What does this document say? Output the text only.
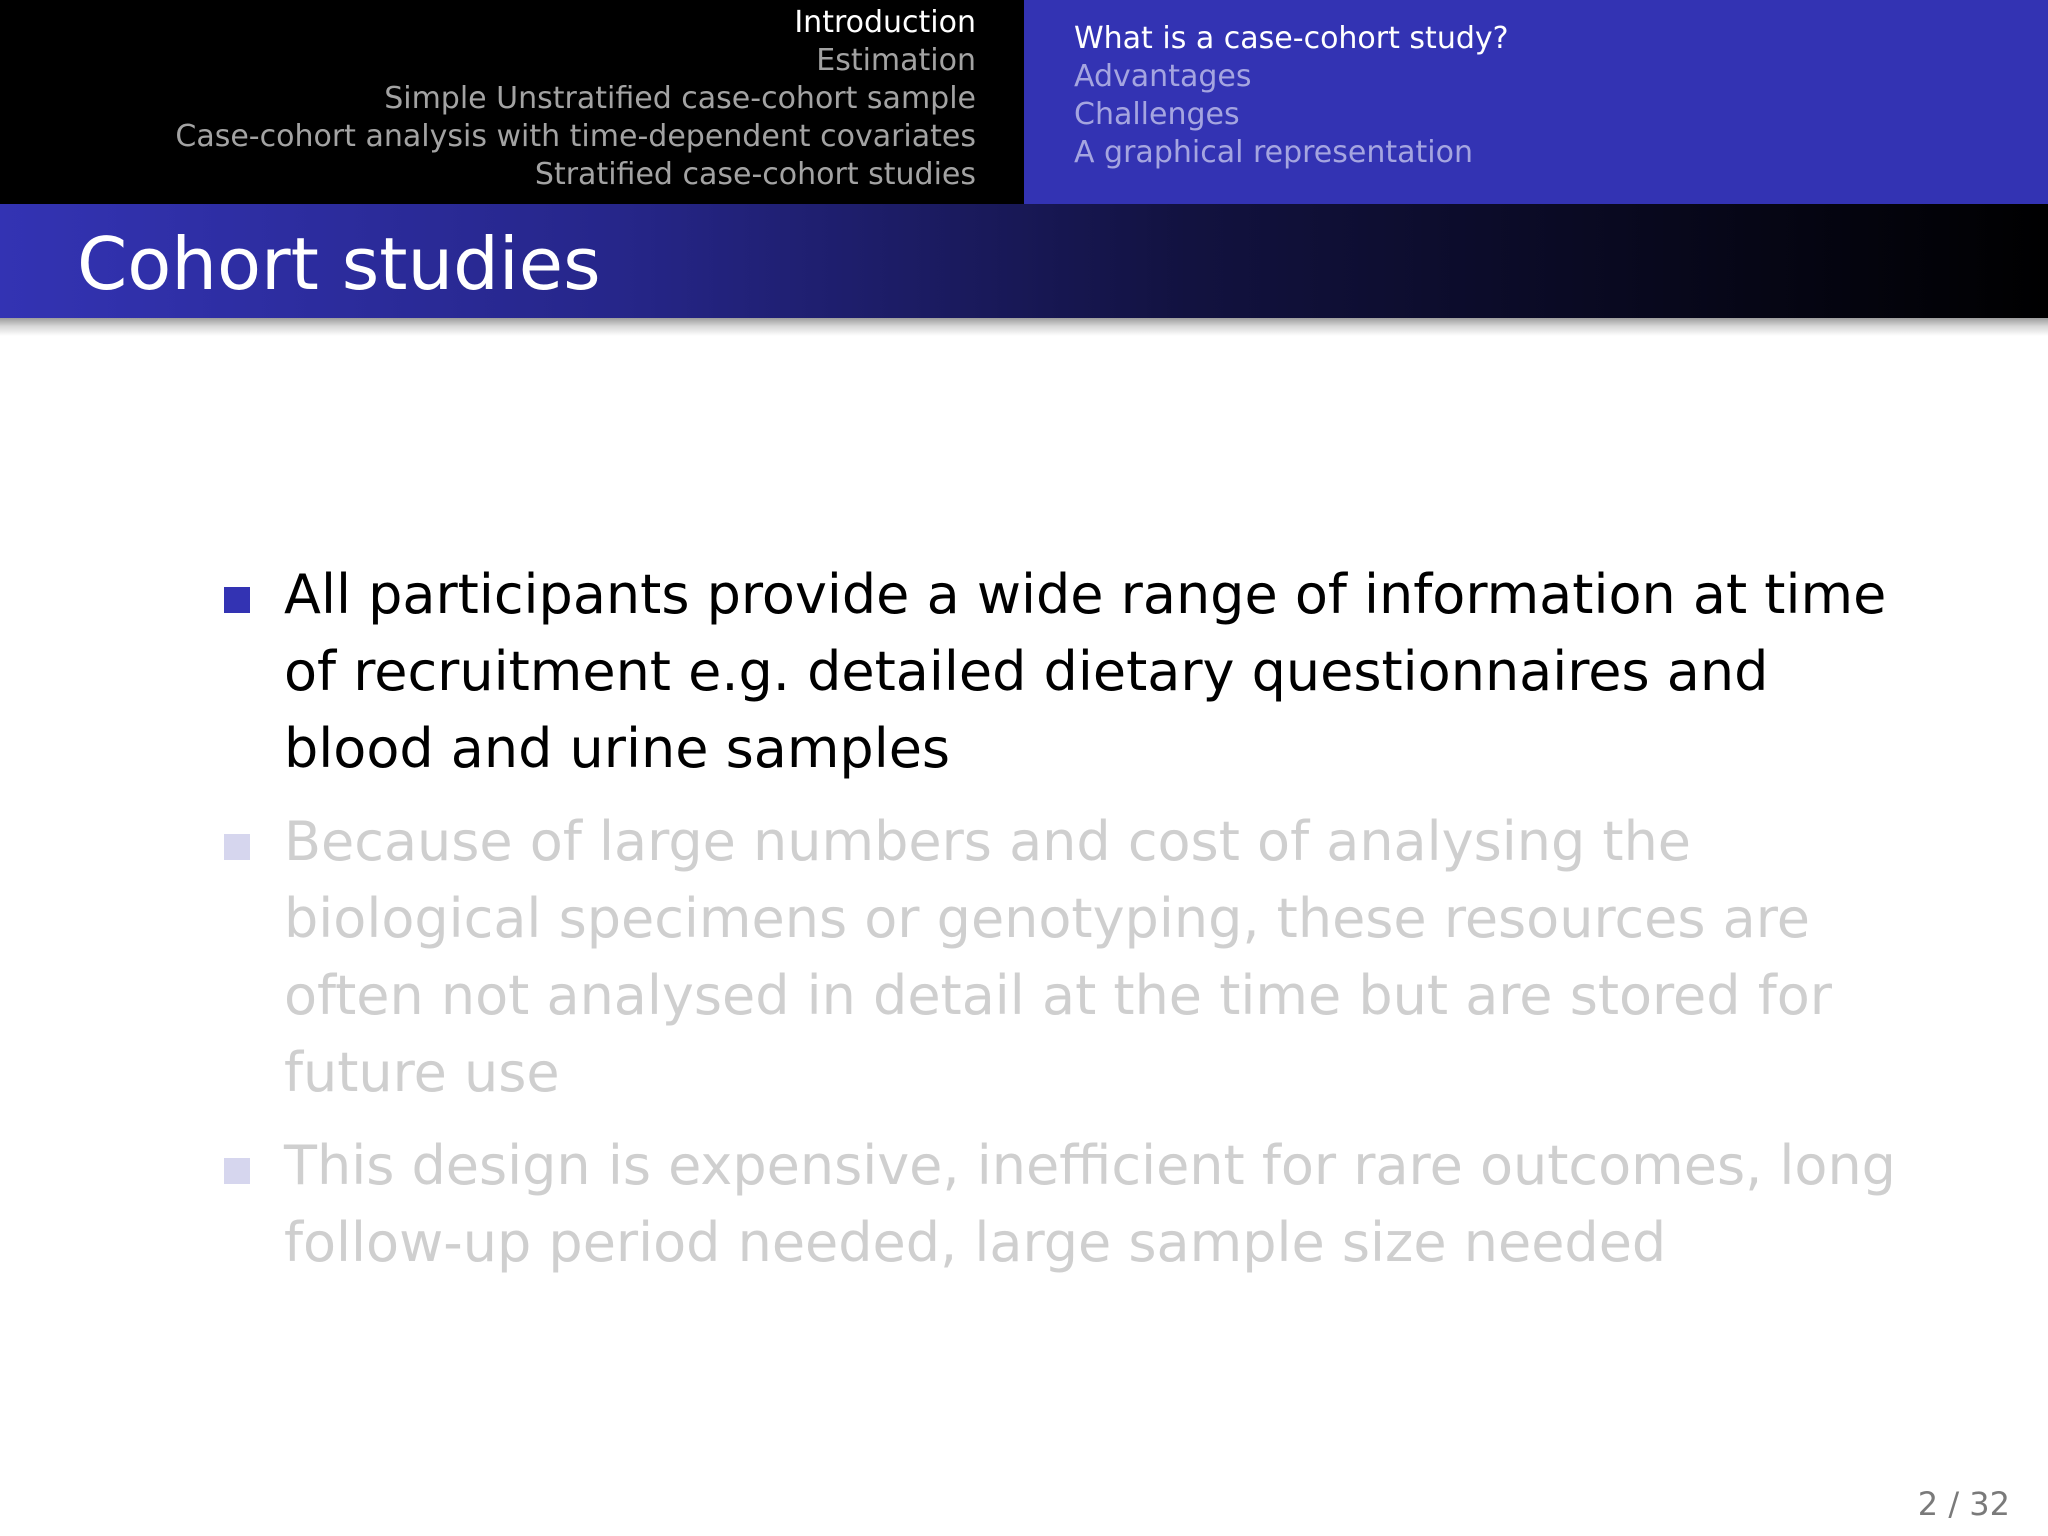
Introduction
Estimation
Simple Unstratified case-cohort sample
Case-cohort analysis with time-dependent covariates
Stratified case-cohort studies
What is a case-cohort study?
Advantages
Challenges
A graphical representation
Cohort studies
All participants provide a wide range of information at time of recruitment e.g. detailed dietary questionnaires and blood and urine samples
Because of large numbers and cost of analysing the biological specimens or genotyping, these resources are often not analysed in detail at the time but are stored for future use
This design is expensive, inefficient for rare outcomes, long follow-up period needed, large sample size needed
2 / 32
